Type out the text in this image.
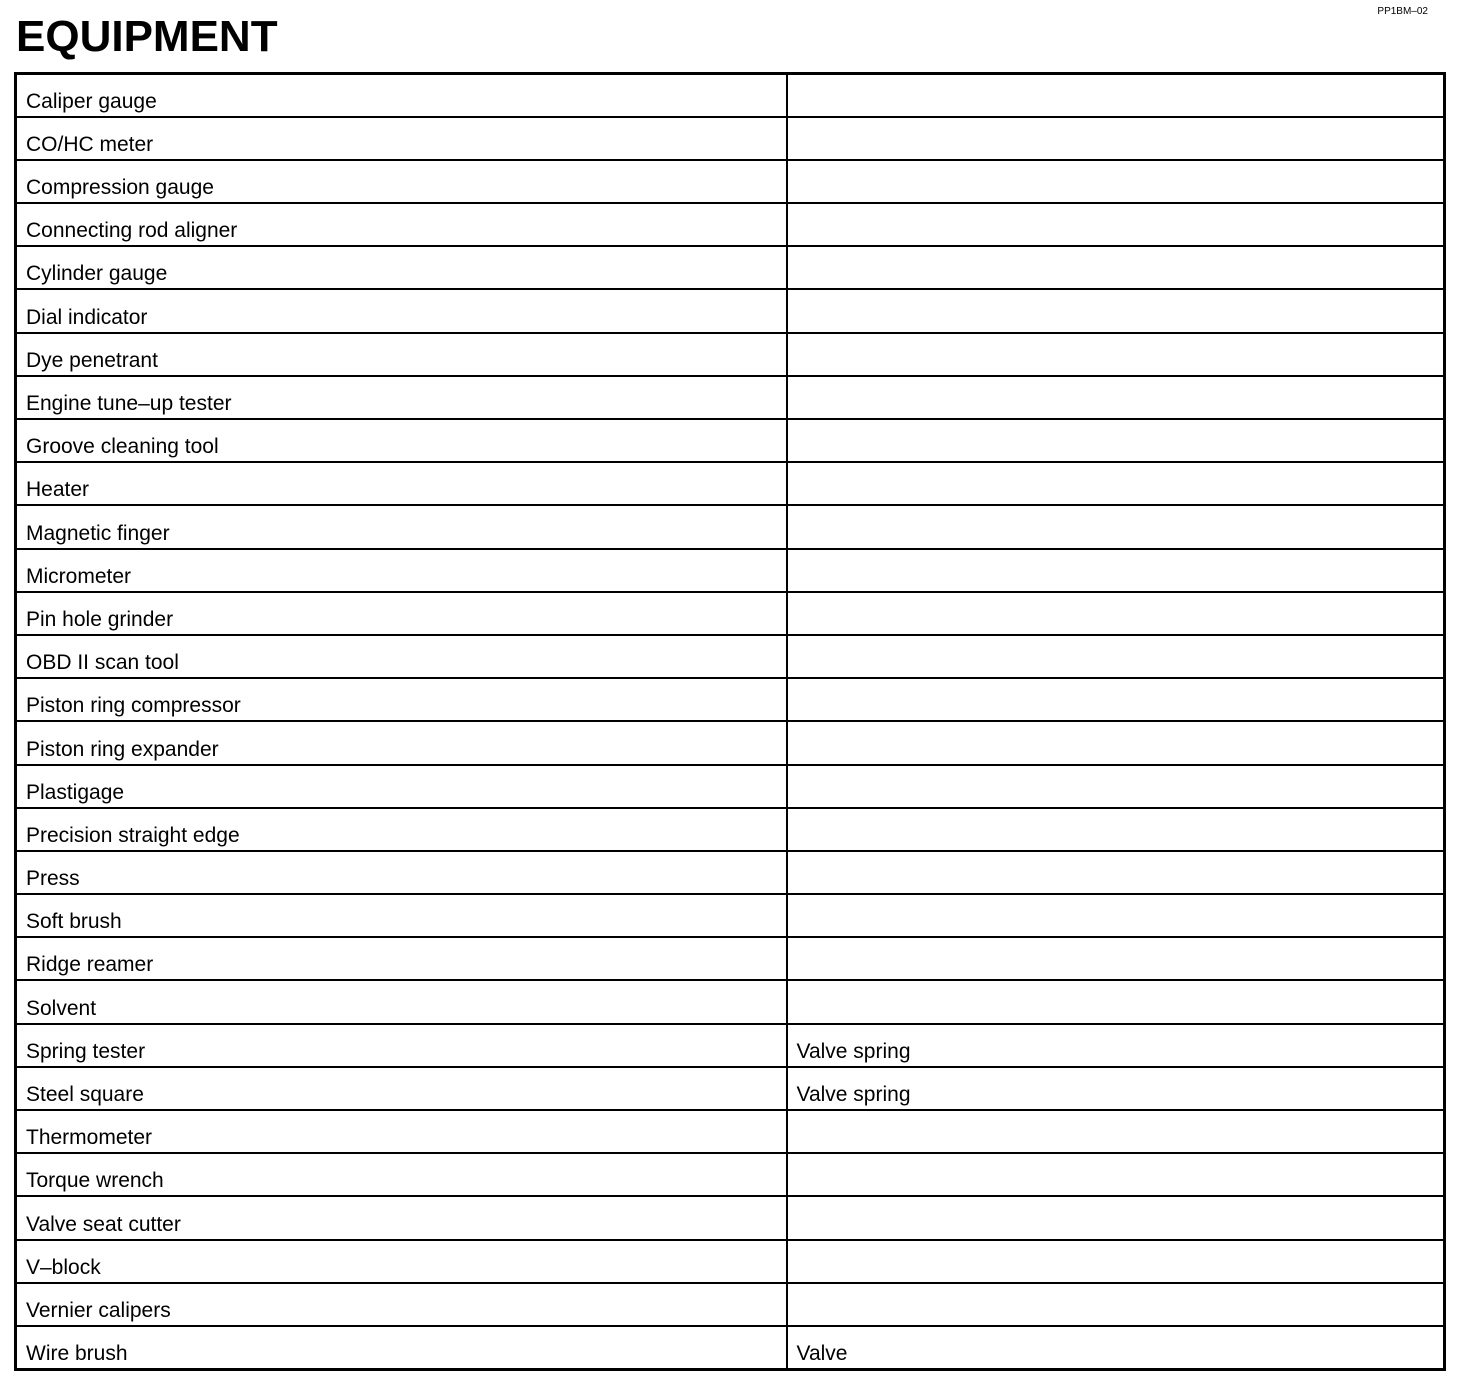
PP1BM–02
EQUIPMENT
Caliper gauge	
CO/HC meter	
Compression gauge	
Connecting rod aligner	
Cylinder gauge	
Dial indicator	
Dye penetrant	
Engine tune–up tester	
Groove cleaning tool	
Heater	
Magnetic finger	
Micrometer	
Pin hole grinder	
OBD II scan tool	
Piston ring compressor	
Piston ring expander	
Plastigage	
Precision straight edge	
Press	
Soft brush	
Ridge reamer	
Solvent	
Spring tester	Valve spring
Steel square	Valve spring
Thermometer	
Torque wrench	
Valve seat cutter	
V–block	
Vernier calipers	
Wire brush	Valve
